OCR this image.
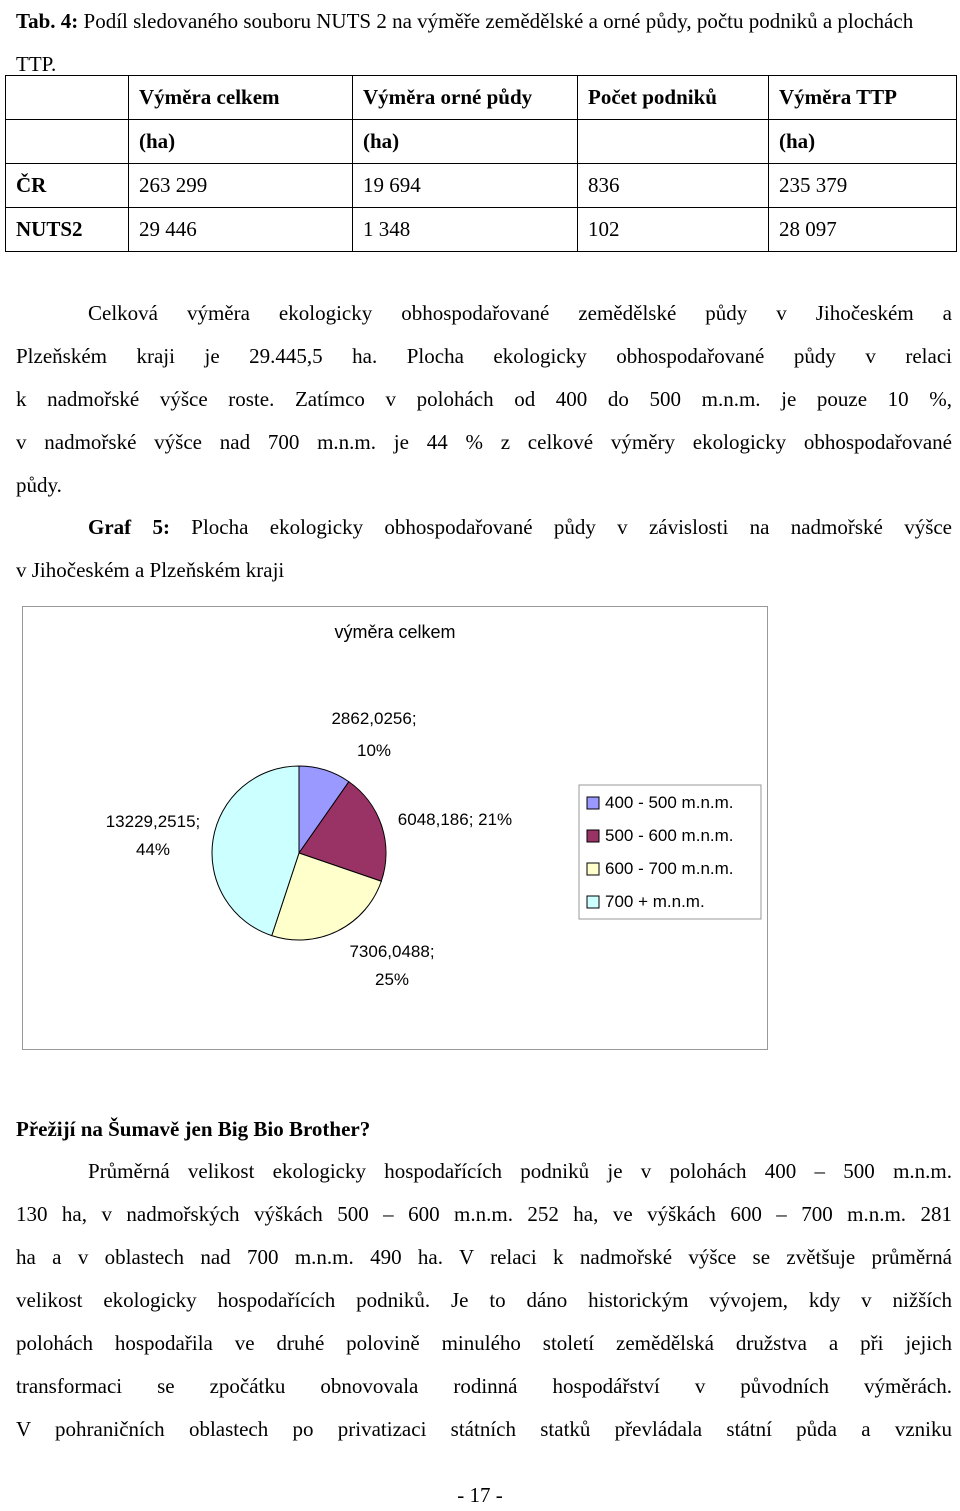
Tab. 4: Podíl sledovaného souboru NUTS 2 na výměře zemědělské a orné půdy, počtu podniků a plochách TTP.
	Výměra celkem	Výměra orné půdy	Počet podniků	Výměra TTP
	(ha)	(ha)		(ha)
ČR	263 299	19 694	836	235 379
NUTS2	29 446	1 348	102	28 097
Celková výměra ekologicky obhospodařované zemědělské půdy v Jihočeském a
Plzeňském kraji je 29.445,5 ha. Plocha ekologicky obhospodařované půdy v relaci
k nadmořské výšce roste. Zatímco v polohách od 400 do 500 m.n.m. je pouze 10 %,
v nadmořské výšce nad 700 m.n.m. je 44 % z celkové výměry ekologicky obhospodařované
půdy.
Graf 5: Plocha ekologicky obhospodařované půdy v závislosti na nadmořské výšce
v Jihočeském a Plzeňském kraji
výměra celkem
2862,0256;
10%
6048,186; 21%
7306,0488;
25%
13229,2515;
44%
400 - 500 m.n.m.
500 - 600 m.n.m.
600 - 700 m.n.m.
700 + m.n.m.
Přežijí na Šumavě jen Big Bio Brother?
Průměrná velikost ekologicky hospodařících podniků je v polohách 400 – 500 m.n.m.
130 ha, v nadmořských výškách 500 – 600 m.n.m. 252 ha, ve výškách 600 – 700 m.n.m. 281
ha a v oblastech nad 700 m.n.m. 490 ha. V relaci k nadmořské výšce se zvětšuje průměrná
velikost ekologicky hospodařících podniků. Je to dáno historickým vývojem, kdy v nižších
polohách hospodařila ve druhé polovině minulého století zemědělská družstva a při jejich
transformaci se zpočátku obnovovala rodinná hospodářství v původních výměrách.
V pohraničních oblastech po privatizaci státních statků převládala státní půda a vzniku
- 17 -
